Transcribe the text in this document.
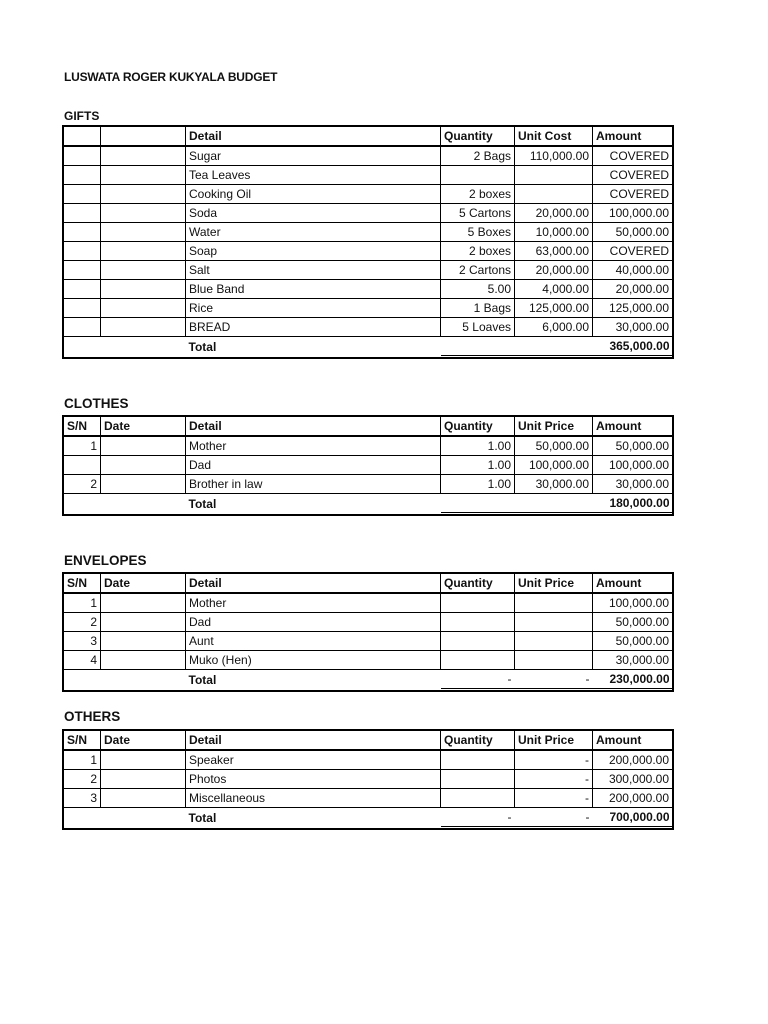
LUSWATA ROGER KUKYALA BUDGET
GIFTS
		Detail	Quantity	Unit Cost	Amount
		Sugar	2 Bags	110,000.00	COVERED
		Tea Leaves			COVERED
		Cooking Oil	2 boxes		COVERED
		Soda	5 Cartons	20,000.00	100,000.00
		Water	5 Boxes	10,000.00	50,000.00
		Soap	2 boxes	63,000.00	COVERED
		Salt	2 Cartons	20,000.00	40,000.00
		Blue Band	5.00	4,000.00	20,000.00
		Rice	1 Bags	125,000.00	125,000.00
		BREAD	5 Loaves	6,000.00	30,000.00
		Total			365,000.00
CLOTHES
S/N	Date	Detail	Quantity	Unit Price	Amount
1		Mother	1.00	50,000.00	50,000.00
		Dad	1.00	100,000.00	100,000.00
2		Brother in law	1.00	30,000.00	30,000.00
		Total			180,000.00
ENVELOPES
S/N	Date	Detail	Quantity	Unit Price	Amount
1		Mother			100,000.00
2		Dad			50,000.00
3		Aunt			50,000.00
4		Muko (Hen)			30,000.00
		Total	-	-	230,000.00
OTHERS
S/N	Date	Detail	Quantity	Unit Price	Amount
1		Speaker		-	200,000.00
2		Photos		-	300,000.00
3		Miscellaneous		-	200,000.00
		Total	-	-	700,000.00
